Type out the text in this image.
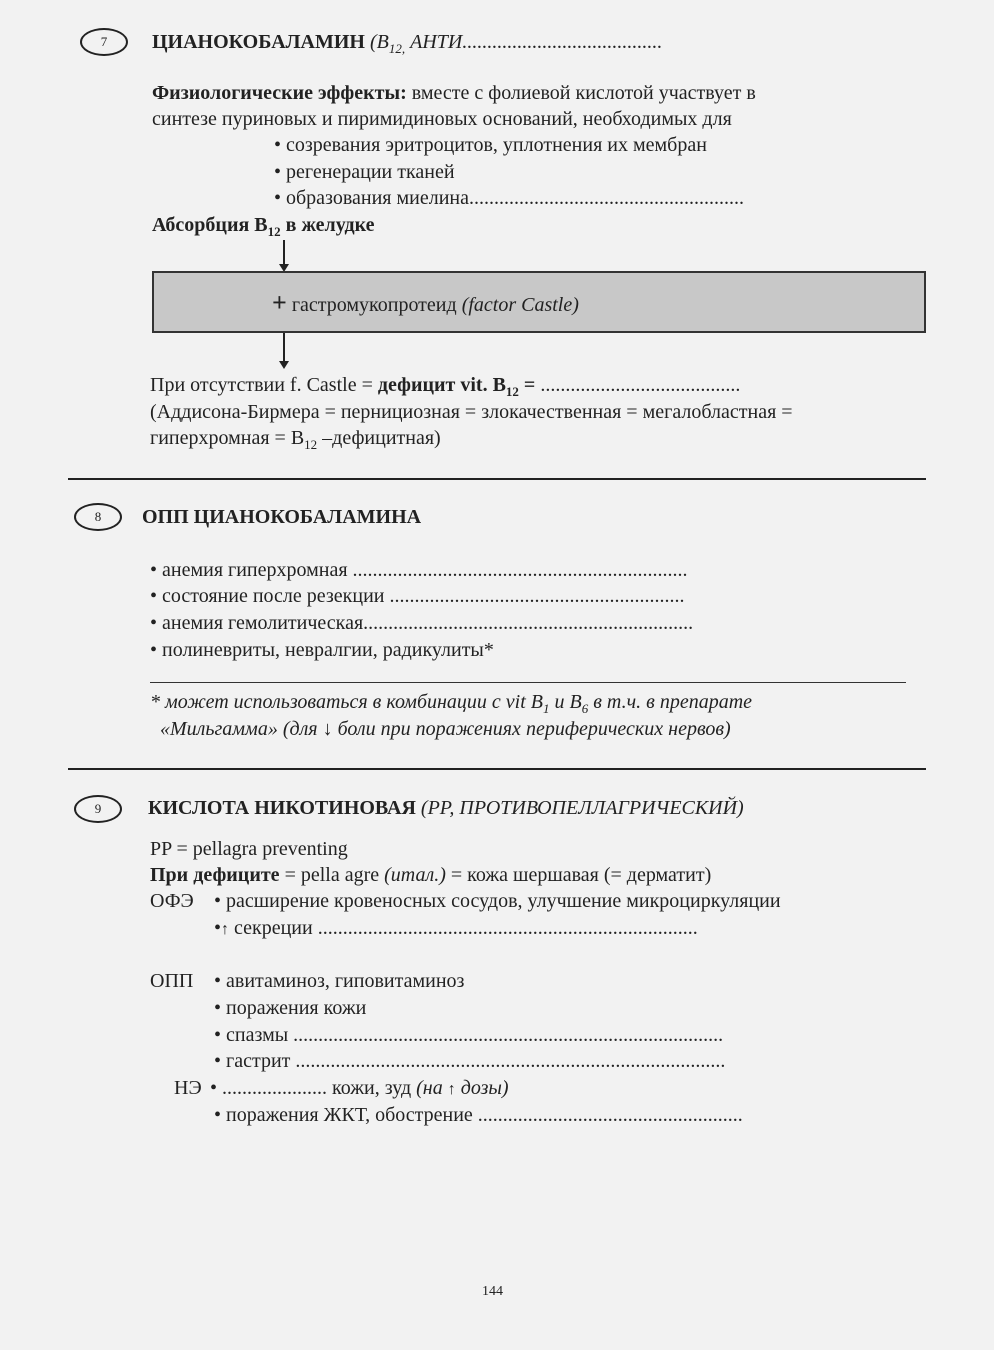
7	ЦИАНОКОБАЛАМИН ($B_{12,}$ АНТИ........................................
Физиологические эффекты: вместе с фолиевой кислотой участвует в
синтезе пуриновых и пиримидиновых оснований, необходимых для
• созревания эритроцитов, уплотнения их мембран
• регенерации тканей
• образования миелина.......................................................
Абсорбция $B_{12}$ в желудке
+ гастромукопротеид (factor Castle)
При отсутствии f. Castle = дефицит vit. $B_{12}$ = ........................................
(Аддисона-Бирмера = пернициозная = злокачественная = мегалобластная =
гиперхромная = $B_{12}$ –дефицитная)
8	ОПП ЦИАНОКОБАЛАМИНА
• анемия гиперхромная ...................................................................
• состояние после резекции ...........................................................
• анемия гемолитическая..................................................................
• полиневриты, невралгии, радикулиты*
* может использоваться в комбинации с vit $B_1$ и $B_6$ в т.ч. в препарате
«Мильгамма» (для ↓ боли при поражениях периферических нервов)
9	КИСЛОТА НИКОТИНОВАЯ (PP, ПРОТИВОПЕЛЛАГРИЧЕСКИЙ)
PP = pellagra preventing
При дефиците = pella agre (итал.) = кожа шершавая (= дерматит)
ОФЭ • расширение кровеносных сосудов, улучшение микроциркуляции
•↑ секреции ............................................................................
ОПП • авитаминоз, гиповитаминоз
• поражения кожи
• спазмы ......................................................................................
• гастрит ......................................................................................
НЭ • ..................... кожи, зуд (на ↑ дозы)
• поражения ЖКТ, обострение .....................................................
144
